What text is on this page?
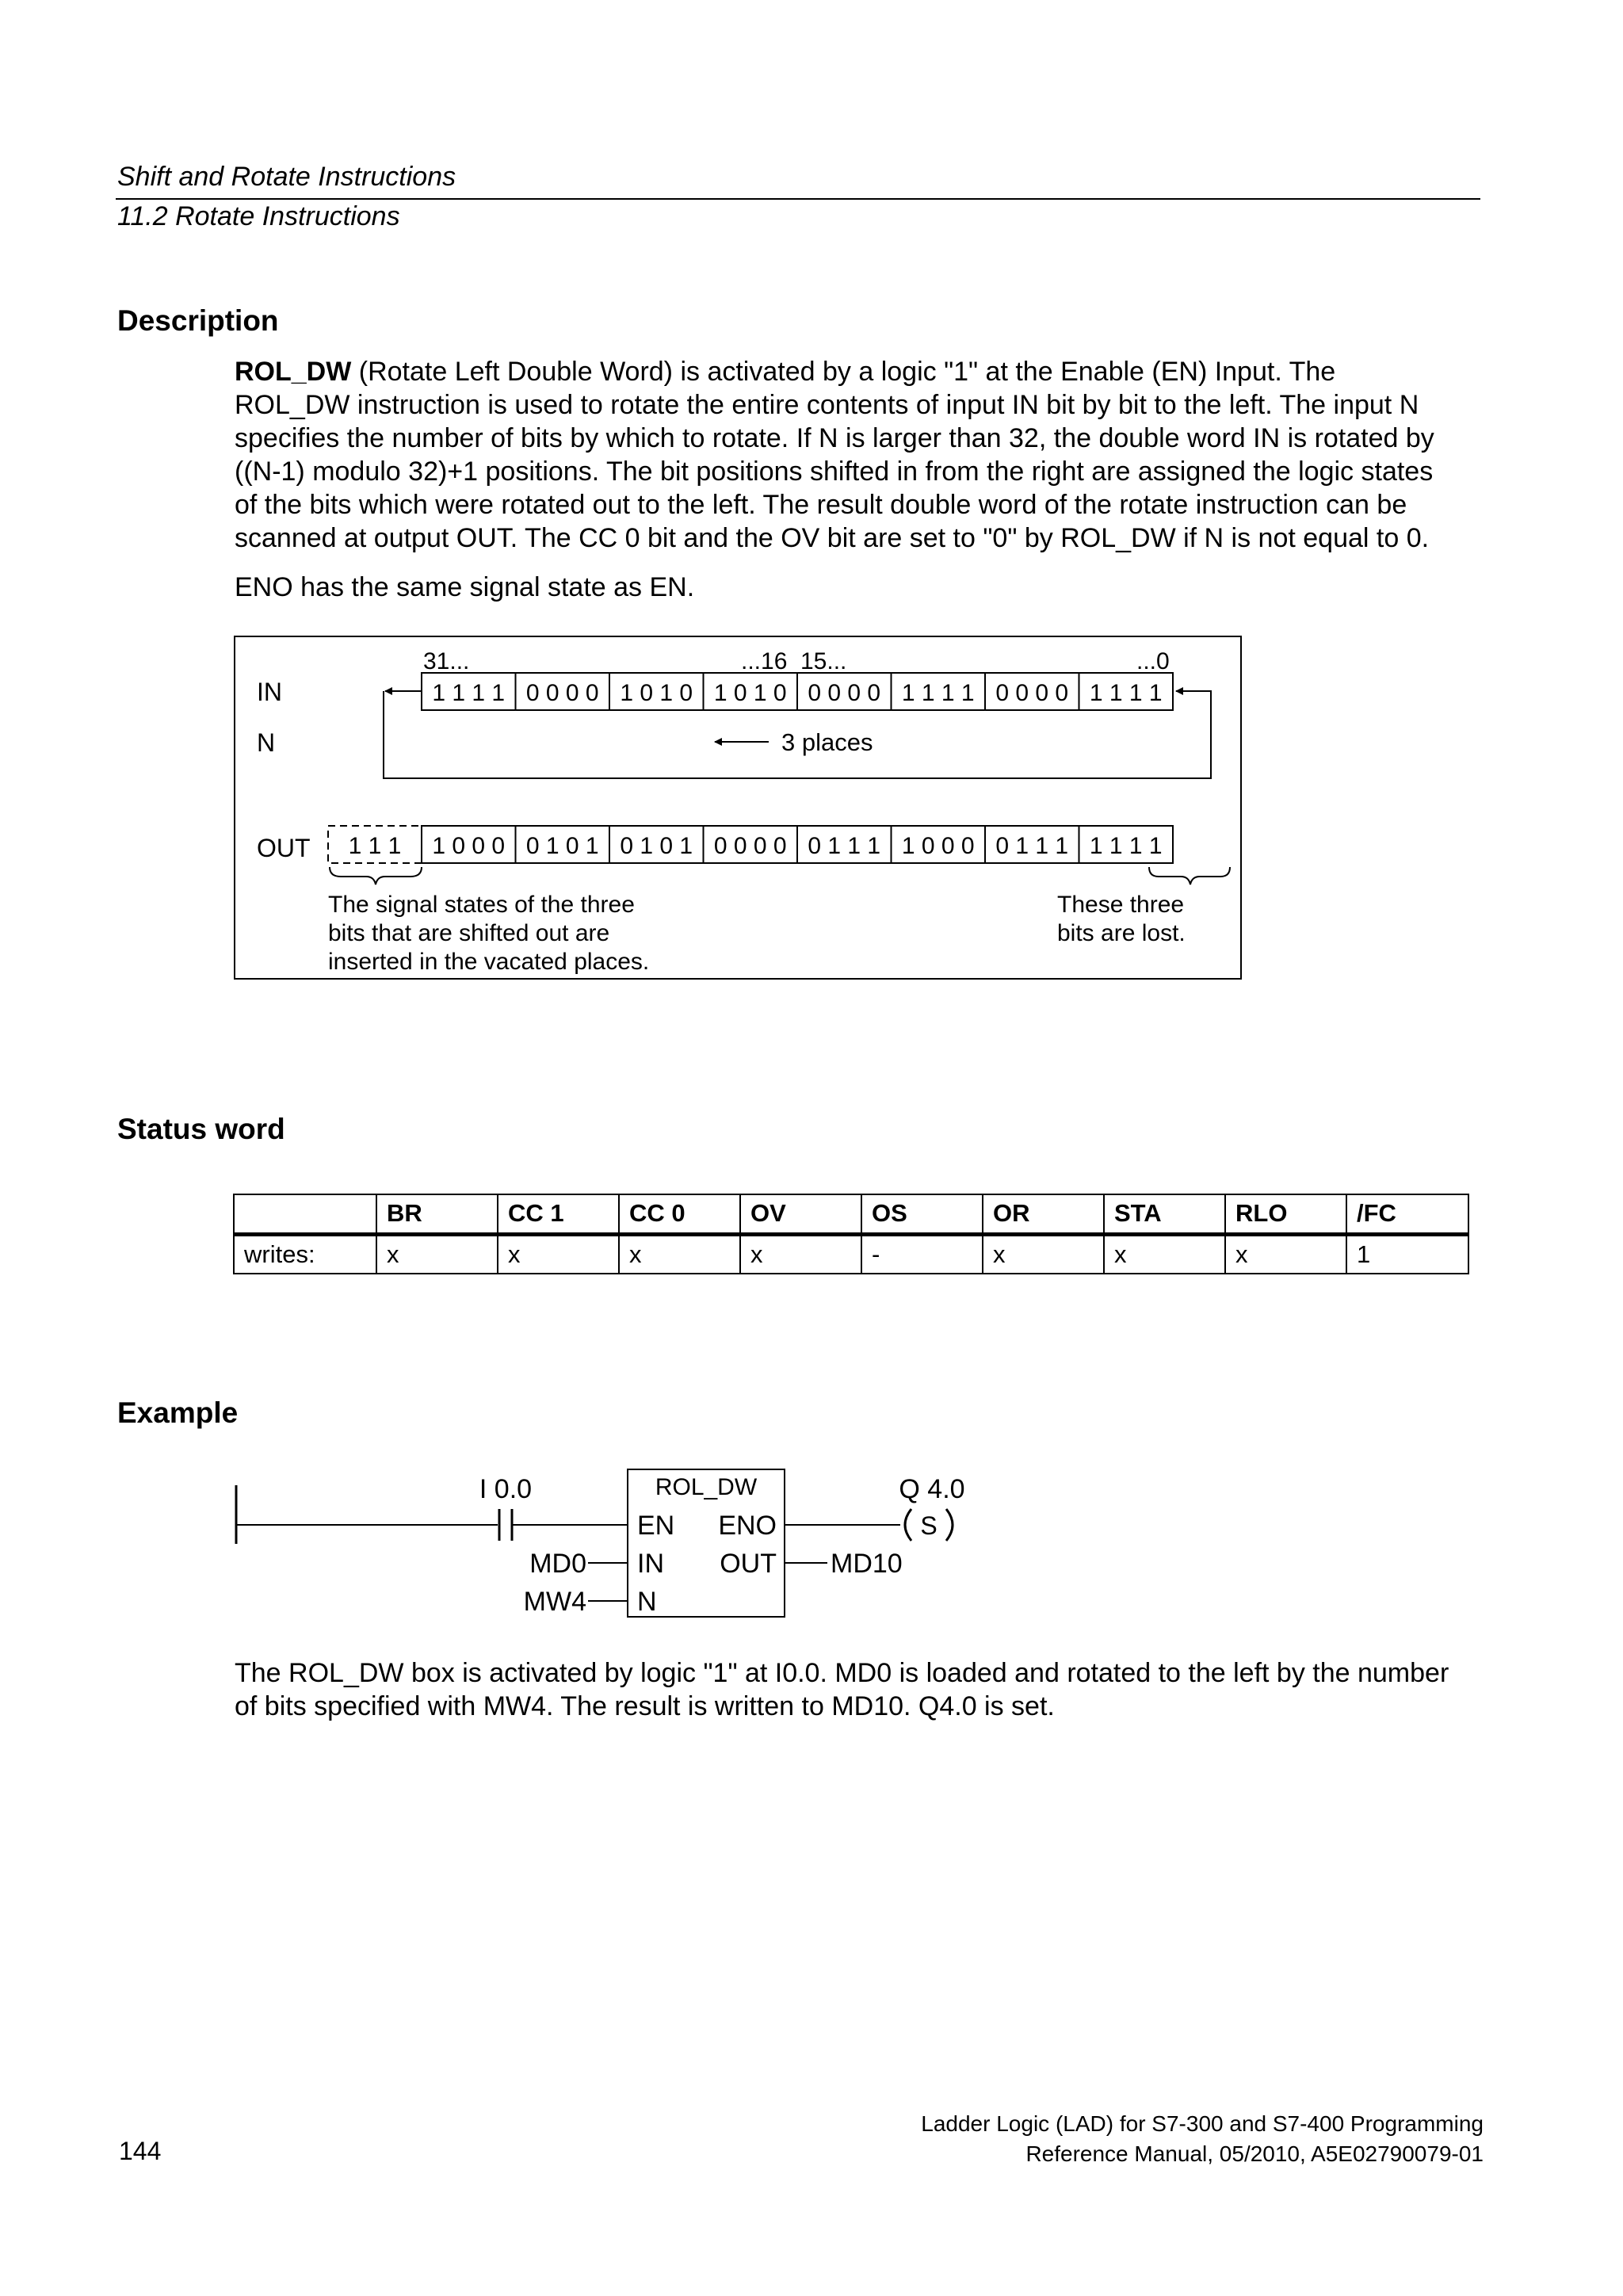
Shift and Rotate Instructions
11.2 Rotate Instructions
Description
ROL_DW (Rotate Left Double Word) is activated by a logic "1" at the Enable (EN) Input. The
ROL_DW instruction is used to rotate the entire contents of input IN bit by bit to the left. The input N
specifies the number of bits by which to rotate. If N is larger than 32, the double word IN is rotated by
((N-1) modulo 32)+1 positions. The bit positions shifted in from the right are assigned the logic states
of the bits which were rotated out to the left. The result double word of the rotate instruction can be
scanned at output OUT. The CC 0 bit and the OV bit are set to "0" by ROL_DW if N is not equal to 0.
ENO has the same signal state as EN.
31...	...16 15...	...0
IN
N
OUT
1 1 1 1 0 0 0 0 1 0 1 0 1 0 1 0 0 0 0 0 1 1 1 1 0 0 0 0 1 1 1 1
3 places
1 1 1 1 0 0 0 0 1 0 1 0 1 0 1 0 0 0 0 0 1 1 1 1 0 0 0 0 1 1 1 1 1 1 1
The signal states of the three
bits that are shifted out are
inserted in the vacated places.
These three
bits are lost.
Status word
	BR	CC 1	CC 0	OV	OS	OR	STA	RLO	/FC
writes:	x	x	x	x	-	x	x	x	1
Example
I 0.0	ROL_DW
EN ENO
IN OUT
N
MD0
MW4
MD10
S
Q 4.0
The ROL_DW box is activated by logic "1" at I0.0. MD0 is loaded and rotated to the left by the number
of bits specified with MW4. The result is written to MD10. Q4.0 is set.
144
Ladder Logic (LAD) for S7-300 and S7-400 Programming
Reference Manual, 05/2010, A5E02790079-01
